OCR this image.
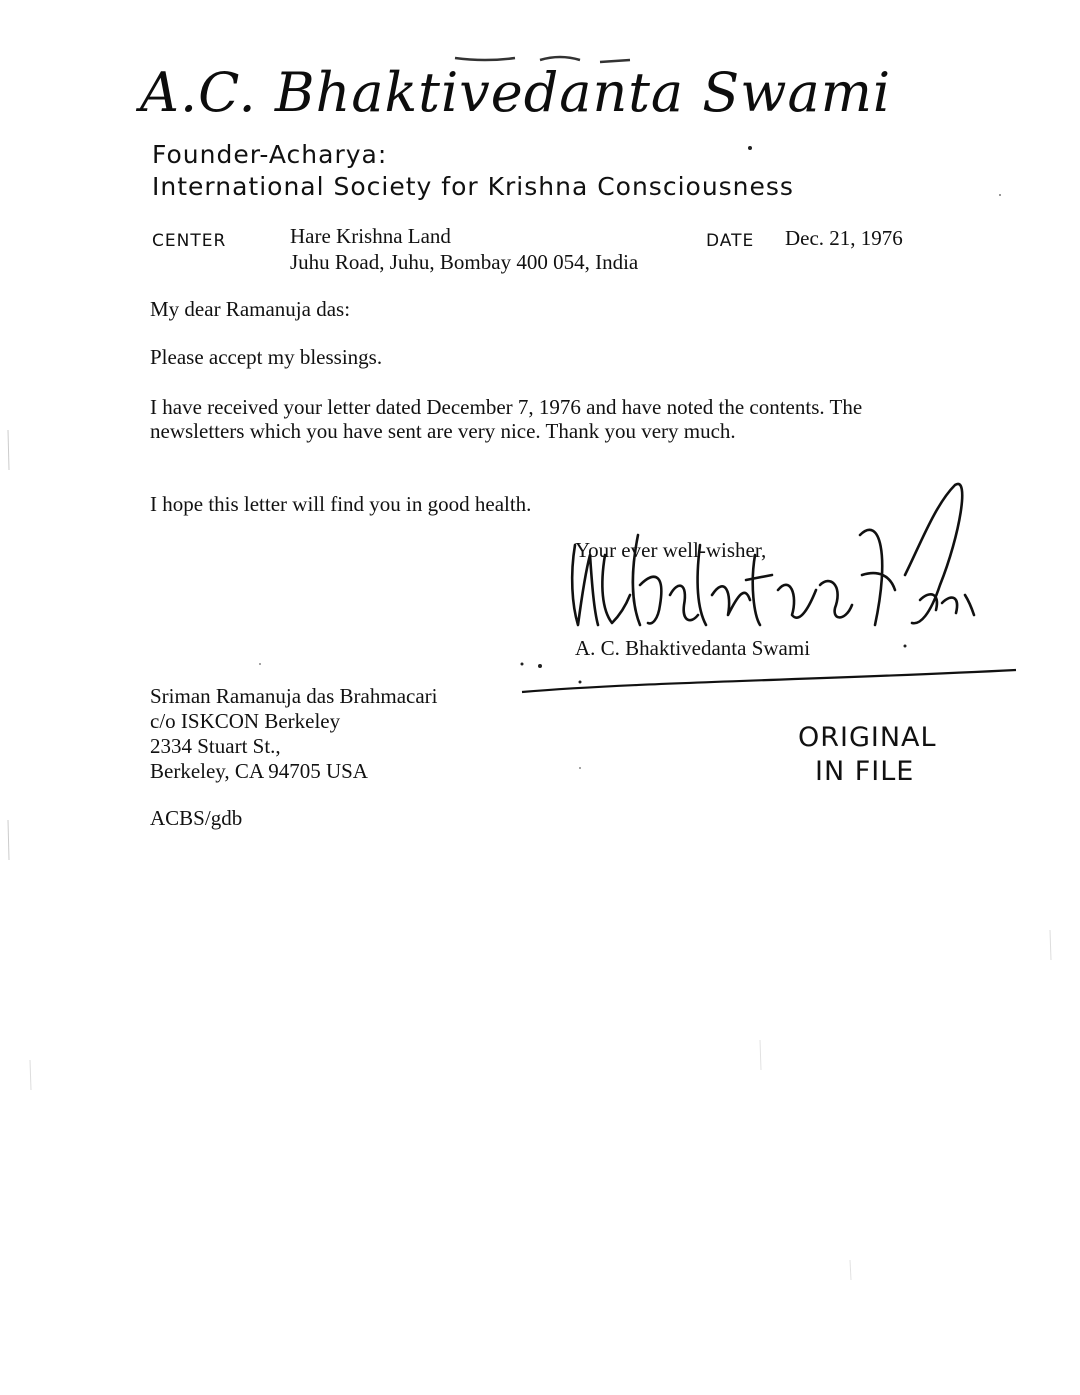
A.C. Bhaktivedanta Swami
Founder-Acharya:
International Society for Krishna Consciousness
CENTER	Hare Krishna Land
Juhu Road, Juhu, Bombay 400 054, India
DATE Dec. 21, 1976
My dear Ramanuja das:
Please accept my blessings.
I have received your letter dated December 7, 1976 and have noted the contents. The newsletters which you have sent are very nice. Thank you very much.
I hope this letter will find you in good health.
Your ever well-wisher,
A. C. Bhaktivedanta Swami
Sriman Ramanuja das Brahmacari
c/o ISKCON Berkeley
2334 Stuart St.,
Berkeley, CA 94705 USA
ORIGINAL
IN FILE
ACBS/gdb
